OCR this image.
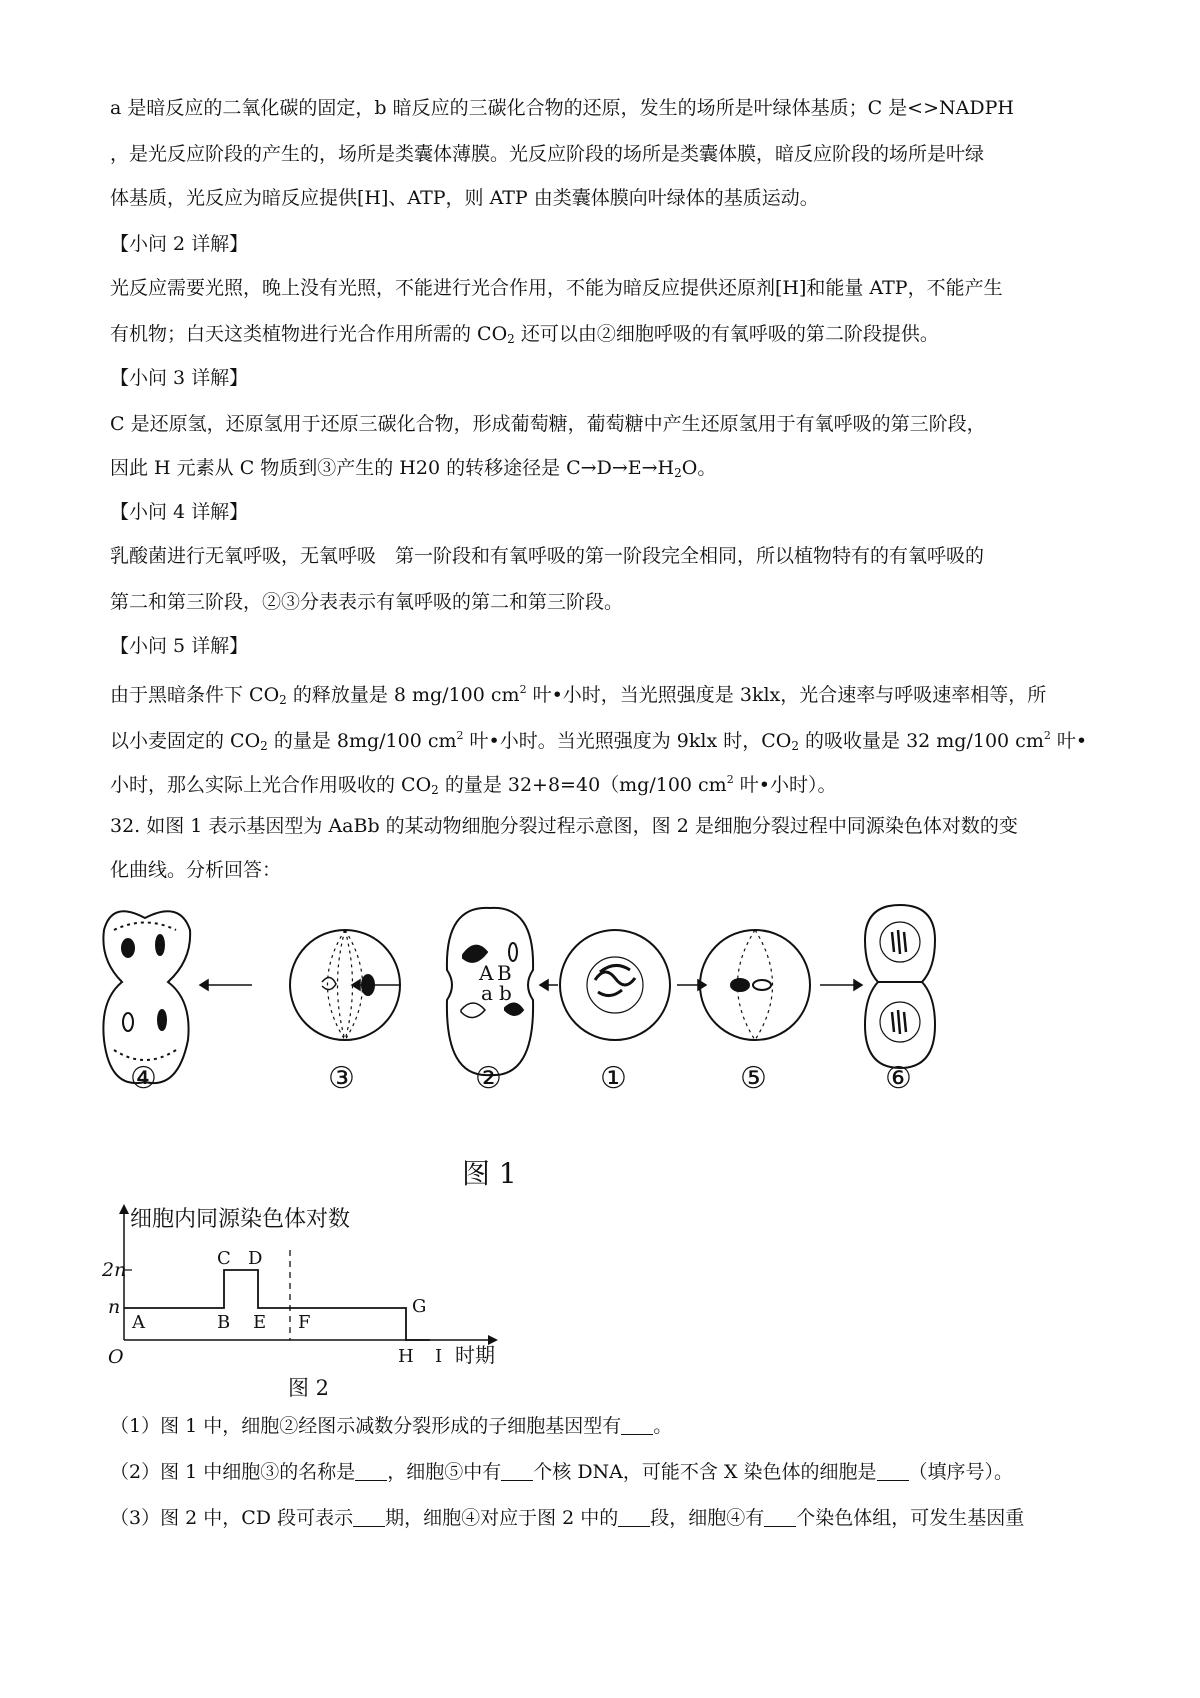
a 是暗反应的二氧化碳的固定，b 暗反应的三碳化合物的还原，发生的场所是叶绿体基质；C 是<>NADPH
，是光反应阶段的产生的，场所是类囊体薄膜。光反应阶段的场所是类囊体膜，暗反应阶段的场所是叶绿
体基质，光反应为暗反应提供[H]、ATP，则 ATP 由类囊体膜向叶绿体的基质运动。
【小问 2 详解】
光反应需要光照，晚上没有光照，不能进行光合作用，不能为暗反应提供还原剂[H]和能量 ATP，不能产生
有机物；白天这类植物进行光合作用所需的 $CO_2$ 还可以由②细胞呼吸的有氧呼吸的第二阶段提供。
【小问 3 详解】
C 是还原氢，还原氢用于还原三碳化合物，形成葡萄糖，葡萄糖中产生还原氢用于有氧呼吸的第三阶段，
因此 H 元素从 C 物质到③产生的 H20 的转移途径是 $C\to D\to E\to H_2O$。
【小问 4 详解】
乳酸菌进行无氧呼吸，无氧呼吸　第一阶段和有氧呼吸的第一阶段完全相同，所以植物特有的有氧呼吸的
第二和第三阶段，②③分表表示有氧呼吸的第二和第三阶段。
【小问 5 详解】
由于黑暗条件下 $CO_2$ 的释放量是 8 mg/100 $cm^2$ 叶•小时，当光照强度是 3klx，光合速率与呼吸速率相等，所
以小麦固定的 $CO_2$ 的量是 8mg/100 $cm^2$ 叶•小时。当光照强度为 9klx 时，$CO_2$ 的吸收量是 32 mg/100 $cm^2$ 叶•
小时，那么实际上光合作用吸收的 $CO_2$ 的量是 32+8=40（mg/100 $cm^2$ 叶•小时）。
32. 如图 1 表示基因型为 AaBb 的某动物细胞分裂过程示意图，图 2 是细胞分裂过程中同源染色体对数的变
化曲线。分析回答：
A B
a b
④	③	②	①	⑤	⑥
图 1
细胞内同源染色体对数
2n
n
O
A	B
C D
E F
G
H I 时期
图 2
（1）图 1 中，细胞②经图示减数分裂形成的子细胞基因型有 。
（2）图 1 中细胞③的名称是 ，细胞⑤中有 个核 DNA，可能不含 X 染色体的细胞是 （填序号）。
（3）图 2 中，CD 段可表示 期，细胞④对应于图 2 中的 段，细胞④有 个染色体组，可发生基因重
